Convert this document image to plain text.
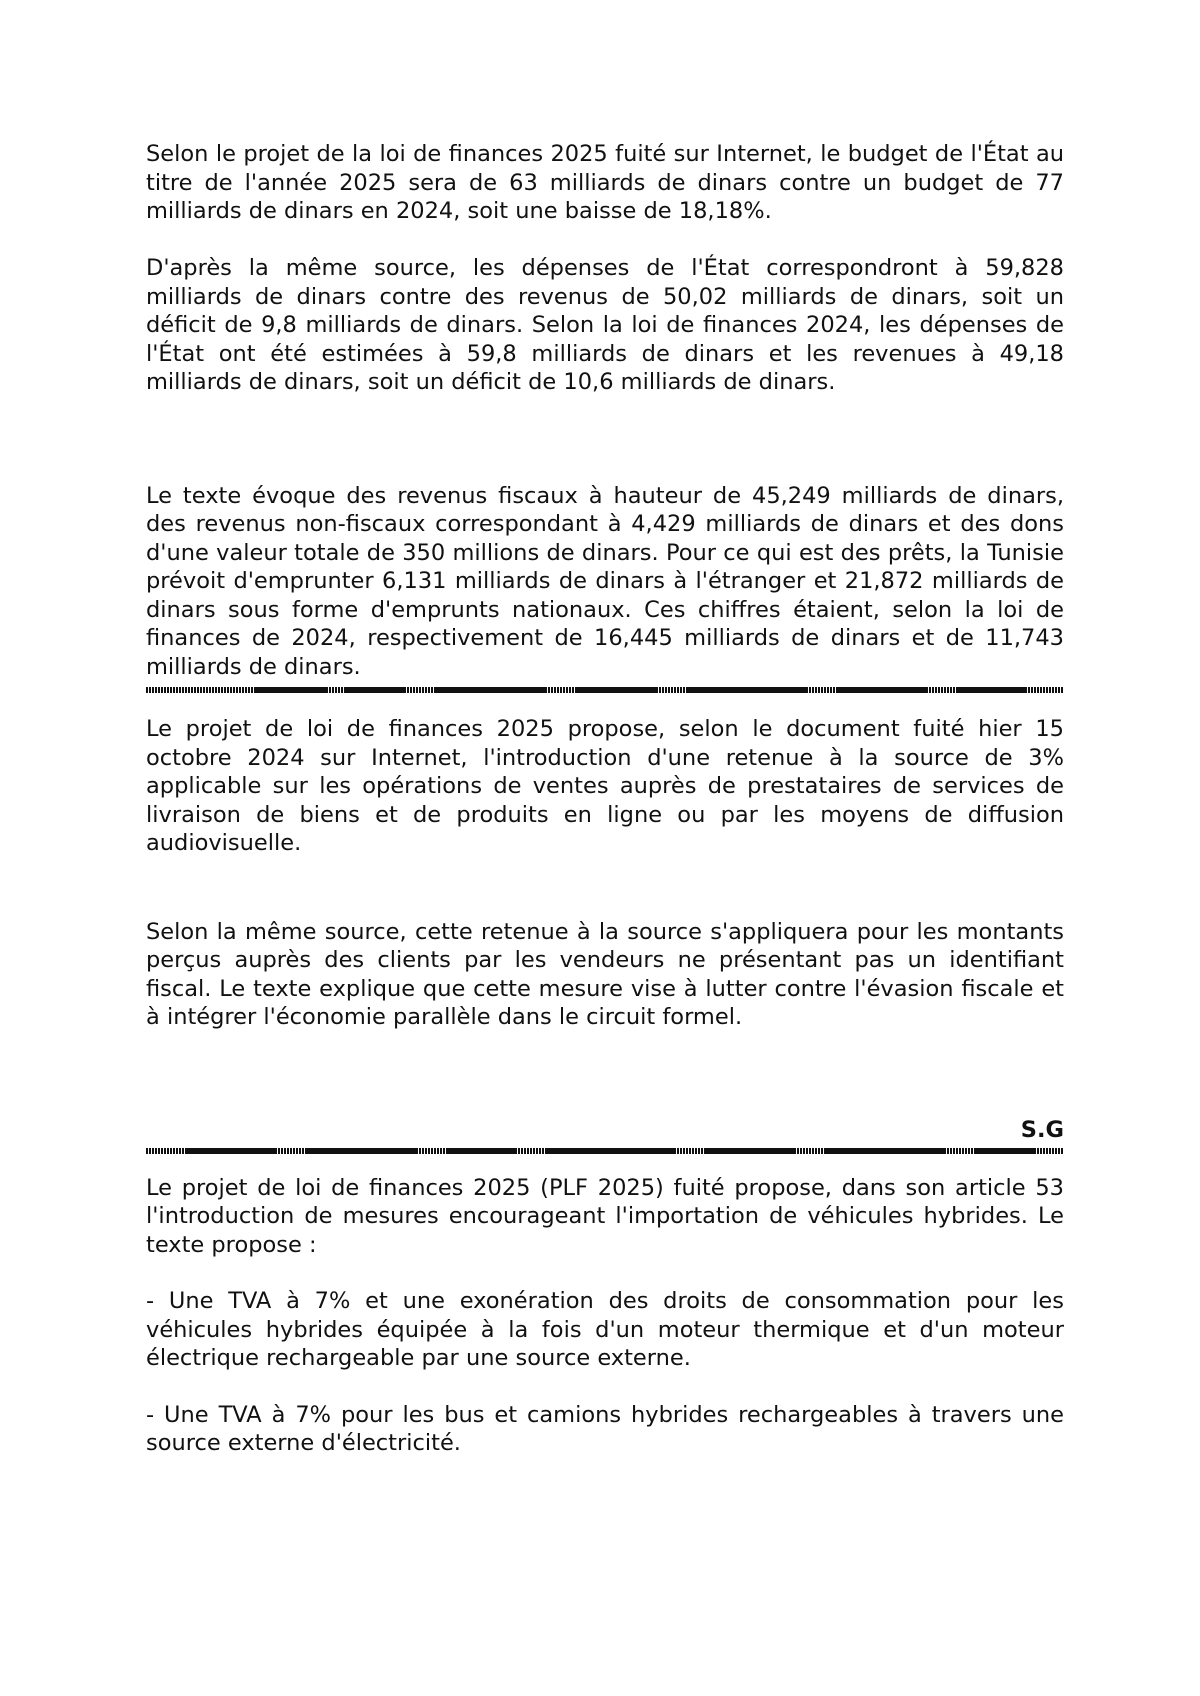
Selon le projet de la loi de finances 2025 fuité sur Internet, le budget de l'État au titre de l'année 2025 sera de 63 milliards de dinars contre un budget de 77 milliards de dinars en 2024, soit une baisse de 18,18%.

D'après la même source, les dépenses de l'État correspondront à 59,828 milliards de dinars contre des revenus de 50,02 milliards de dinars, soit un déficit de 9,8 milliards de dinars. Selon la loi de finances 2024, les dépenses de l'État ont été estimées à 59,8 milliards de dinars et les revenues à 49,18 milliards de dinars, soit un déficit de 10,6 milliards de dinars.

Le texte évoque des revenus fiscaux à hauteur de 45,249 milliards de dinars, des revenus non-fiscaux correspondant à 4,429 milliards de dinars et des dons d'une valeur totale de 350 millions de dinars. Pour ce qui est des prêts, la Tunisie prévoit d'emprunter 6,131 milliards de dinars à l'étranger et 21,872 milliards de dinars sous forme d'emprunts nationaux. Ces chiffres étaient, selon la loi de finances de 2024, respectivement de 16,445 milliards de dinars et de 11,743 milliards de dinars.

Le projet de loi de finances 2025 propose, selon le document fuité hier 15 octobre 2024 sur Internet, l'introduction d'une retenue à la source de 3% applicable sur les opérations de ventes auprès de prestataires de services de livraison de biens et de produits en ligne ou par les moyens de diffusion audiovisuelle.

Selon la même source, cette retenue à la source s'appliquera pour les montants perçus auprès des clients par les vendeurs ne présentant pas un identifiant fiscal. Le texte explique que cette mesure vise à lutter contre l'évasion fiscale et à intégrer l'économie parallèle dans le circuit formel.

S.G

Le projet de loi de finances 2025 (PLF 2025) fuité propose, dans son article 53 l'introduction de mesures encourageant l'importation de véhicules hybrides. Le texte propose :

- Une TVA à 7% et une exonération des droits de consommation pour les véhicules hybrides équipée à la fois d'un moteur thermique et d'un moteur électrique rechargeable par une source externe.

- Une TVA à 7% pour les bus et camions hybrides rechargeables à travers une source externe d'électricité.
